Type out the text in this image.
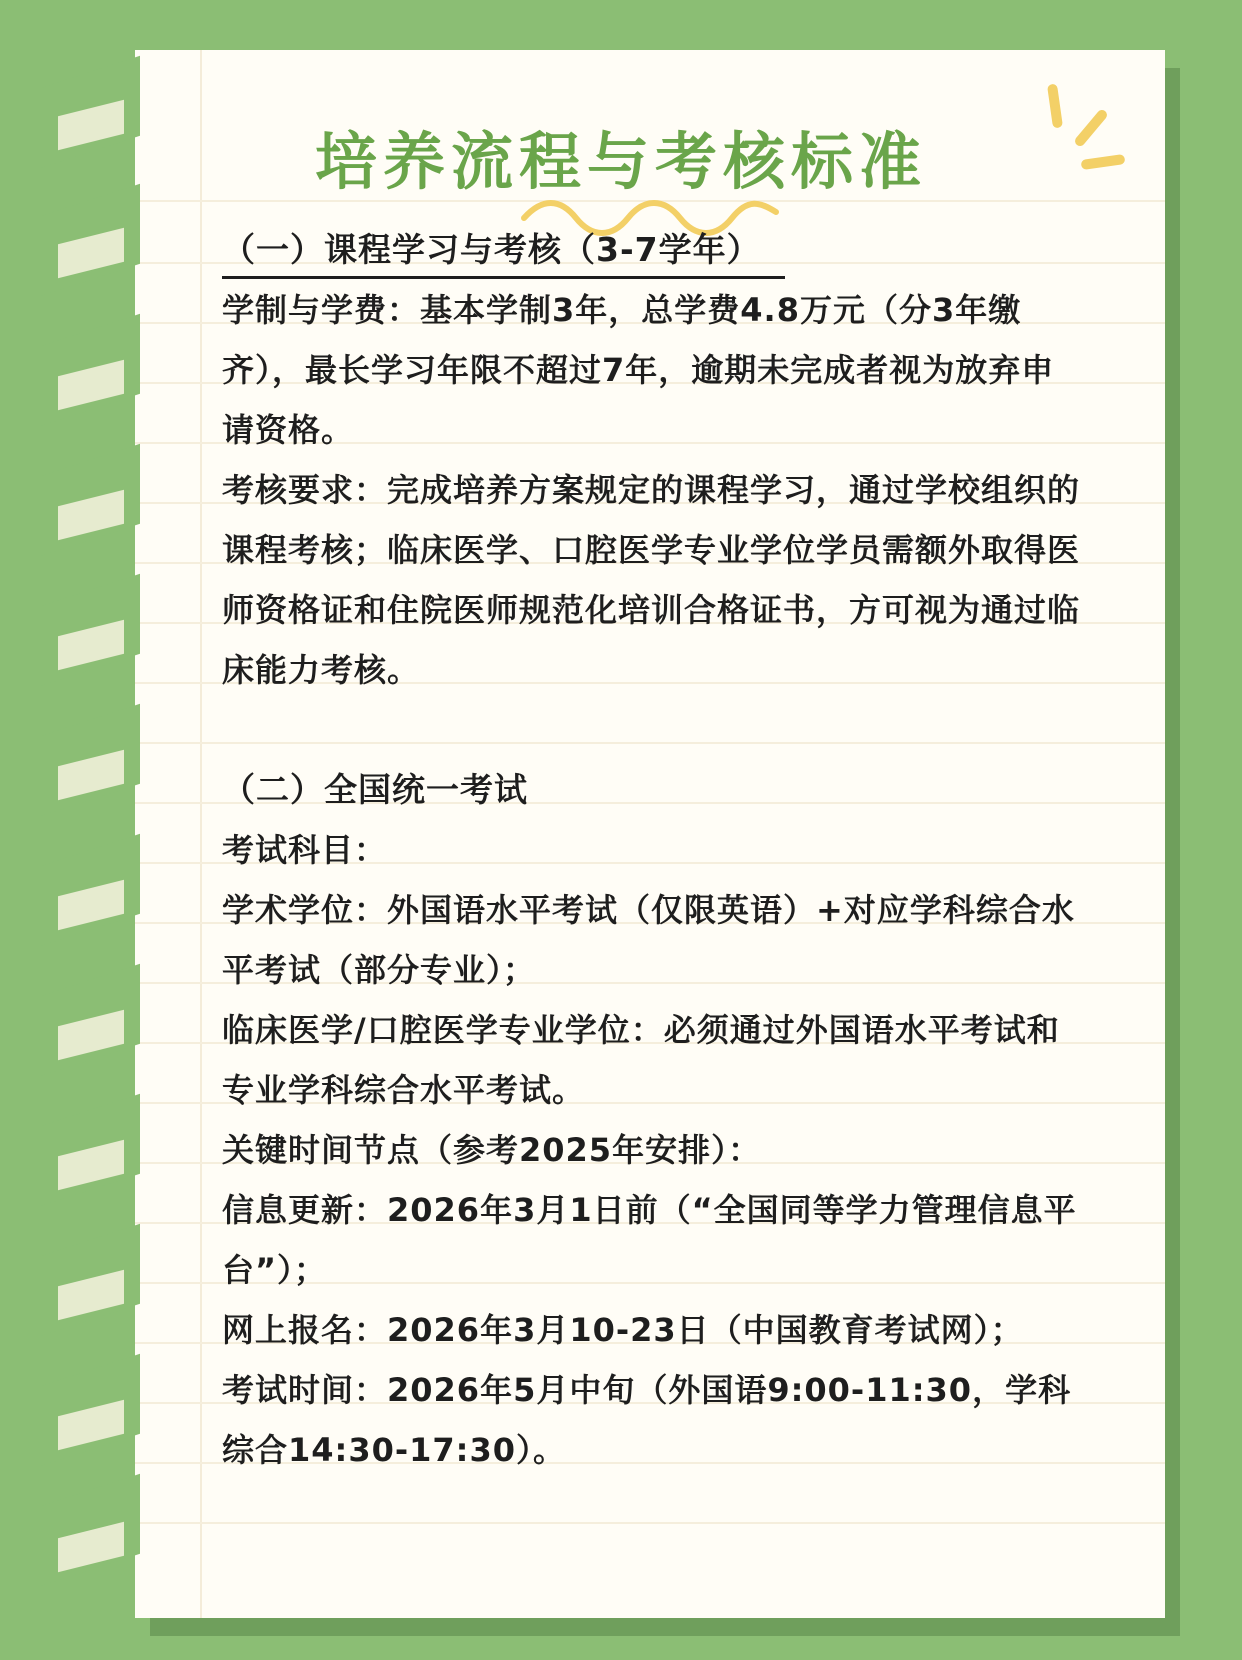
培养流程与考核标准
（一）课程学习与考核（3-7学年）

学制与学费：基本学制3年，总学费4.8万元（分3年缴齐），最长学习年限不超过7年，逾期未完成者视为放弃申请资格。

考核要求：完成培养方案规定的课程学习，通过学校组织的课程考核；临床医学、口腔医学专业学位学员需额外取得医师资格证和住院医师规范化培训合格证书，方可视为通过临床能力考核。

（二）全国统一考试

考试科目：

学术学位：外国语水平考试（仅限英语）+对应学科综合水平考试（部分专业）；

临床医学/口腔医学专业学位：必须通过外国语水平考试和专业学科综合水平考试。

关键时间节点（参考2025年安排）：

信息更新：2026年3月1日前（“全国同等学力管理信息平台”）；

网上报名：2026年3月10-23日（中国教育考试网）；

考试时间：2026年5月中旬（外国语9:00-11:30，学科综合14:30-17:30）。
